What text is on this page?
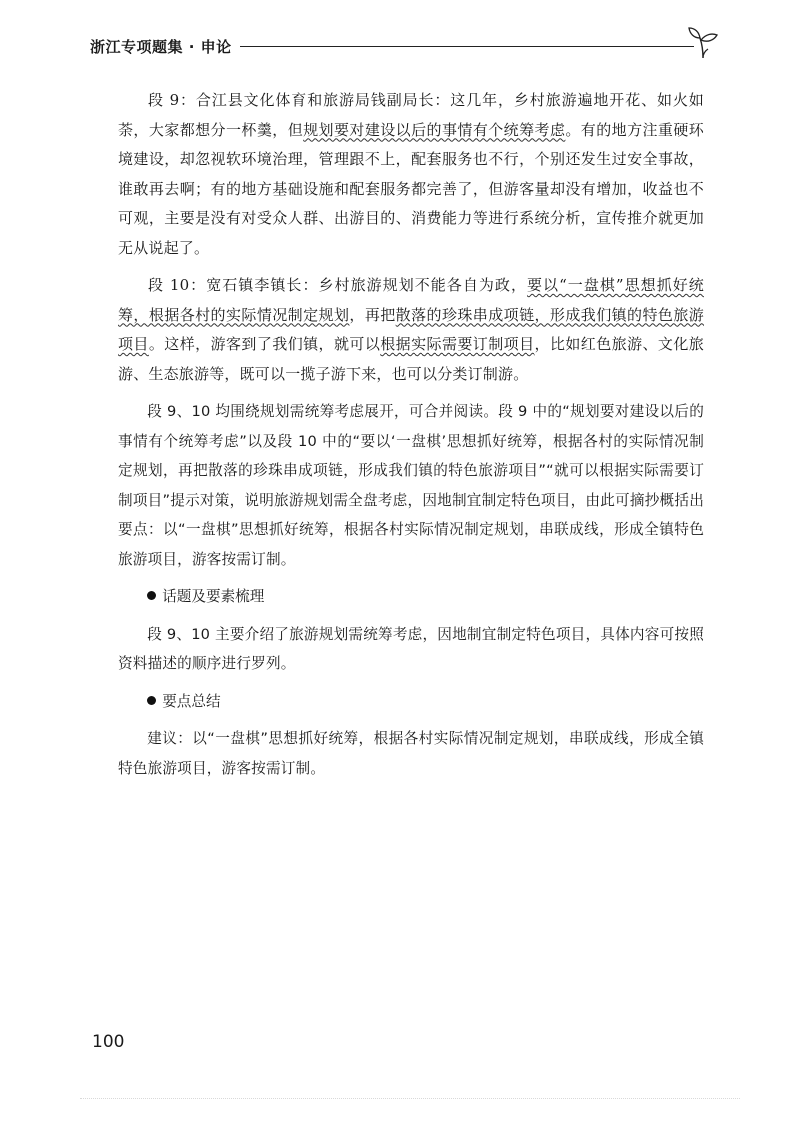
浙江专项题集 · 申论

段 9：合江县文化体育和旅游局钱副局长：这几年，乡村旅游遍地开花、如火如荼，大家都想分一杯羹，但规划要对建设以后的事情有个统筹考虑。有的地方注重硬环境建设，却忽视软环境治理，管理跟不上，配套服务也不行，个别还发生过安全事故，谁敢再去啊；有的地方基础设施和配套服务都完善了，但游客量却没有增加，收益也不可观，主要是没有对受众人群、出游目的、消费能力等进行系统分析，宣传推介就更加无从说起了。

段 10：宽石镇李镇长：乡村旅游规划不能各自为政，要以“一盘棋”思想抓好统筹，根据各村的实际情况制定规划，再把散落的珍珠串成项链，形成我们镇的特色旅游项目。这样，游客到了我们镇，就可以根据实际需要订制项目，比如红色旅游、文化旅游、生态旅游等，既可以一揽子游下来，也可以分类订制游。

段 9、10 均围绕规划需统筹考虑展开，可合并阅读。段 9 中的“规划要对建设以后的事情有个统筹考虑”以及段 10 中的“要以‘一盘棋’思想抓好统筹，根据各村的实际情况制定规划，再把散落的珍珠串成项链，形成我们镇的特色旅游项目”“就可以根据实际需要订制项目”提示对策，说明旅游规划需全盘考虑，因地制宜制定特色项目，由此可摘抄概括出要点：以“一盘棋”思想抓好统筹，根据各村实际情况制定规划，串联成线，形成全镇特色旅游项目，游客按需订制。

话题及要素梳理

段 9、10 主要介绍了旅游规划需统筹考虑，因地制宜制定特色项目，具体内容可按照资料描述的顺序进行罗列。

要点总结

建议：以“一盘棋”思想抓好统筹，根据各村实际情况制定规划，串联成线，形成全镇特色旅游项目，游客按需订制。

100
